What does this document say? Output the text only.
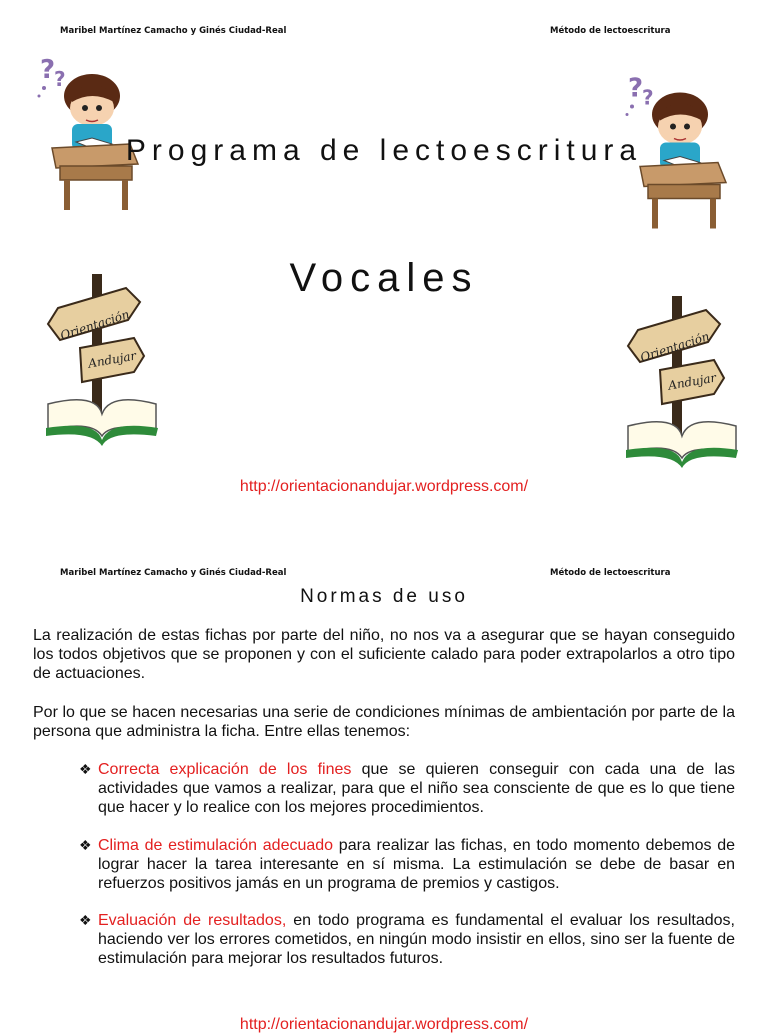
Maribel Martínez Camacho y Ginés Ciudad-Real	Método de lectoescritura
?
?	?
?
Programa de lectoescritura
Vocales
Orientación
Andujar	Orientación
Andujar
http://orientacionandujar.wordpress.com/
Maribel Martínez Camacho y Ginés Ciudad-Real	Método de lectoescritura
Normas de uso
La realización de estas fichas por parte del niño, no nos va a asegurar que se hayan conseguido los todos objetivos que se proponen y con el suficiente calado para poder extrapolarlos a otro tipo de actuaciones.
Por lo que se hacen necesarias una serie de condiciones mínimas de ambientación por parte de la persona que administra la ficha. Entre ellas tenemos:
❖ Correcta explicación de los fines que se quieren conseguir con cada una de las actividades que vamos a realizar, para que el niño sea consciente de que es lo que tiene que hacer y lo realice con los mejores procedimientos.
❖ Clima de estimulación adecuado para realizar las fichas, en todo momento debemos de lograr hacer la tarea interesante en sí misma. La estimulación se debe de basar en refuerzos positivos jamás en un programa de premios y castigos.
❖ Evaluación de resultados, en todo programa es fundamental el evaluar los resultados, haciendo ver los errores cometidos, en ningún modo insistir en ellos, sino ser la fuente de estimulación para mejorar los resultados futuros.
http://orientacionandujar.wordpress.com/
